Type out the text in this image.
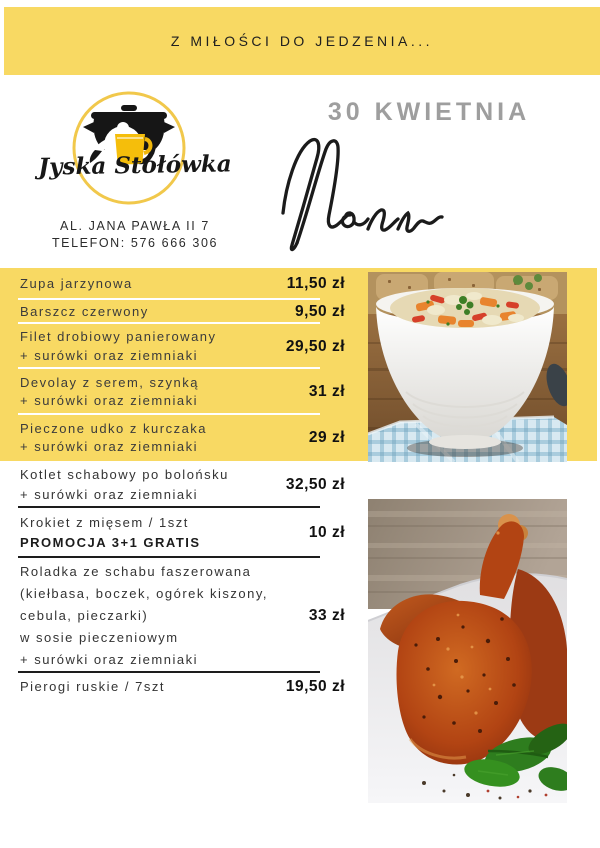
Z MIŁOŚCI DO JEDZENIA...
Jyska Stołówka
AL. JANA PAWŁA II 7
TELEFON: 576 666 306
30 KWIETNIA
Zupa jarzynowa	11,50 zł
Barszcz czerwony	9,50 zł
Filet drobiowy panierowany
+ surówki oraz ziemniaki
29,50 zł
Devolay z serem, szynką
+ surówki oraz ziemniaki
31 zł
Pieczone udko z kurczaka
+ surówki oraz ziemniaki
29 zł
Kotlet schabowy po bolońsku
+ surówki oraz ziemniaki
32,50 zł
Krokiet z mięsem / 1szt
PROMOCJA 3+1 GRATIS
10 zł
Roladka ze schabu faszerowana
(kiełbasa, boczek, ogórek kiszony,
cebula, pieczarki)
w sosie pieczeniowym
+ surówki oraz ziemniaki
33 zł
Pierogi ruskie / 7szt	19,50 zł
